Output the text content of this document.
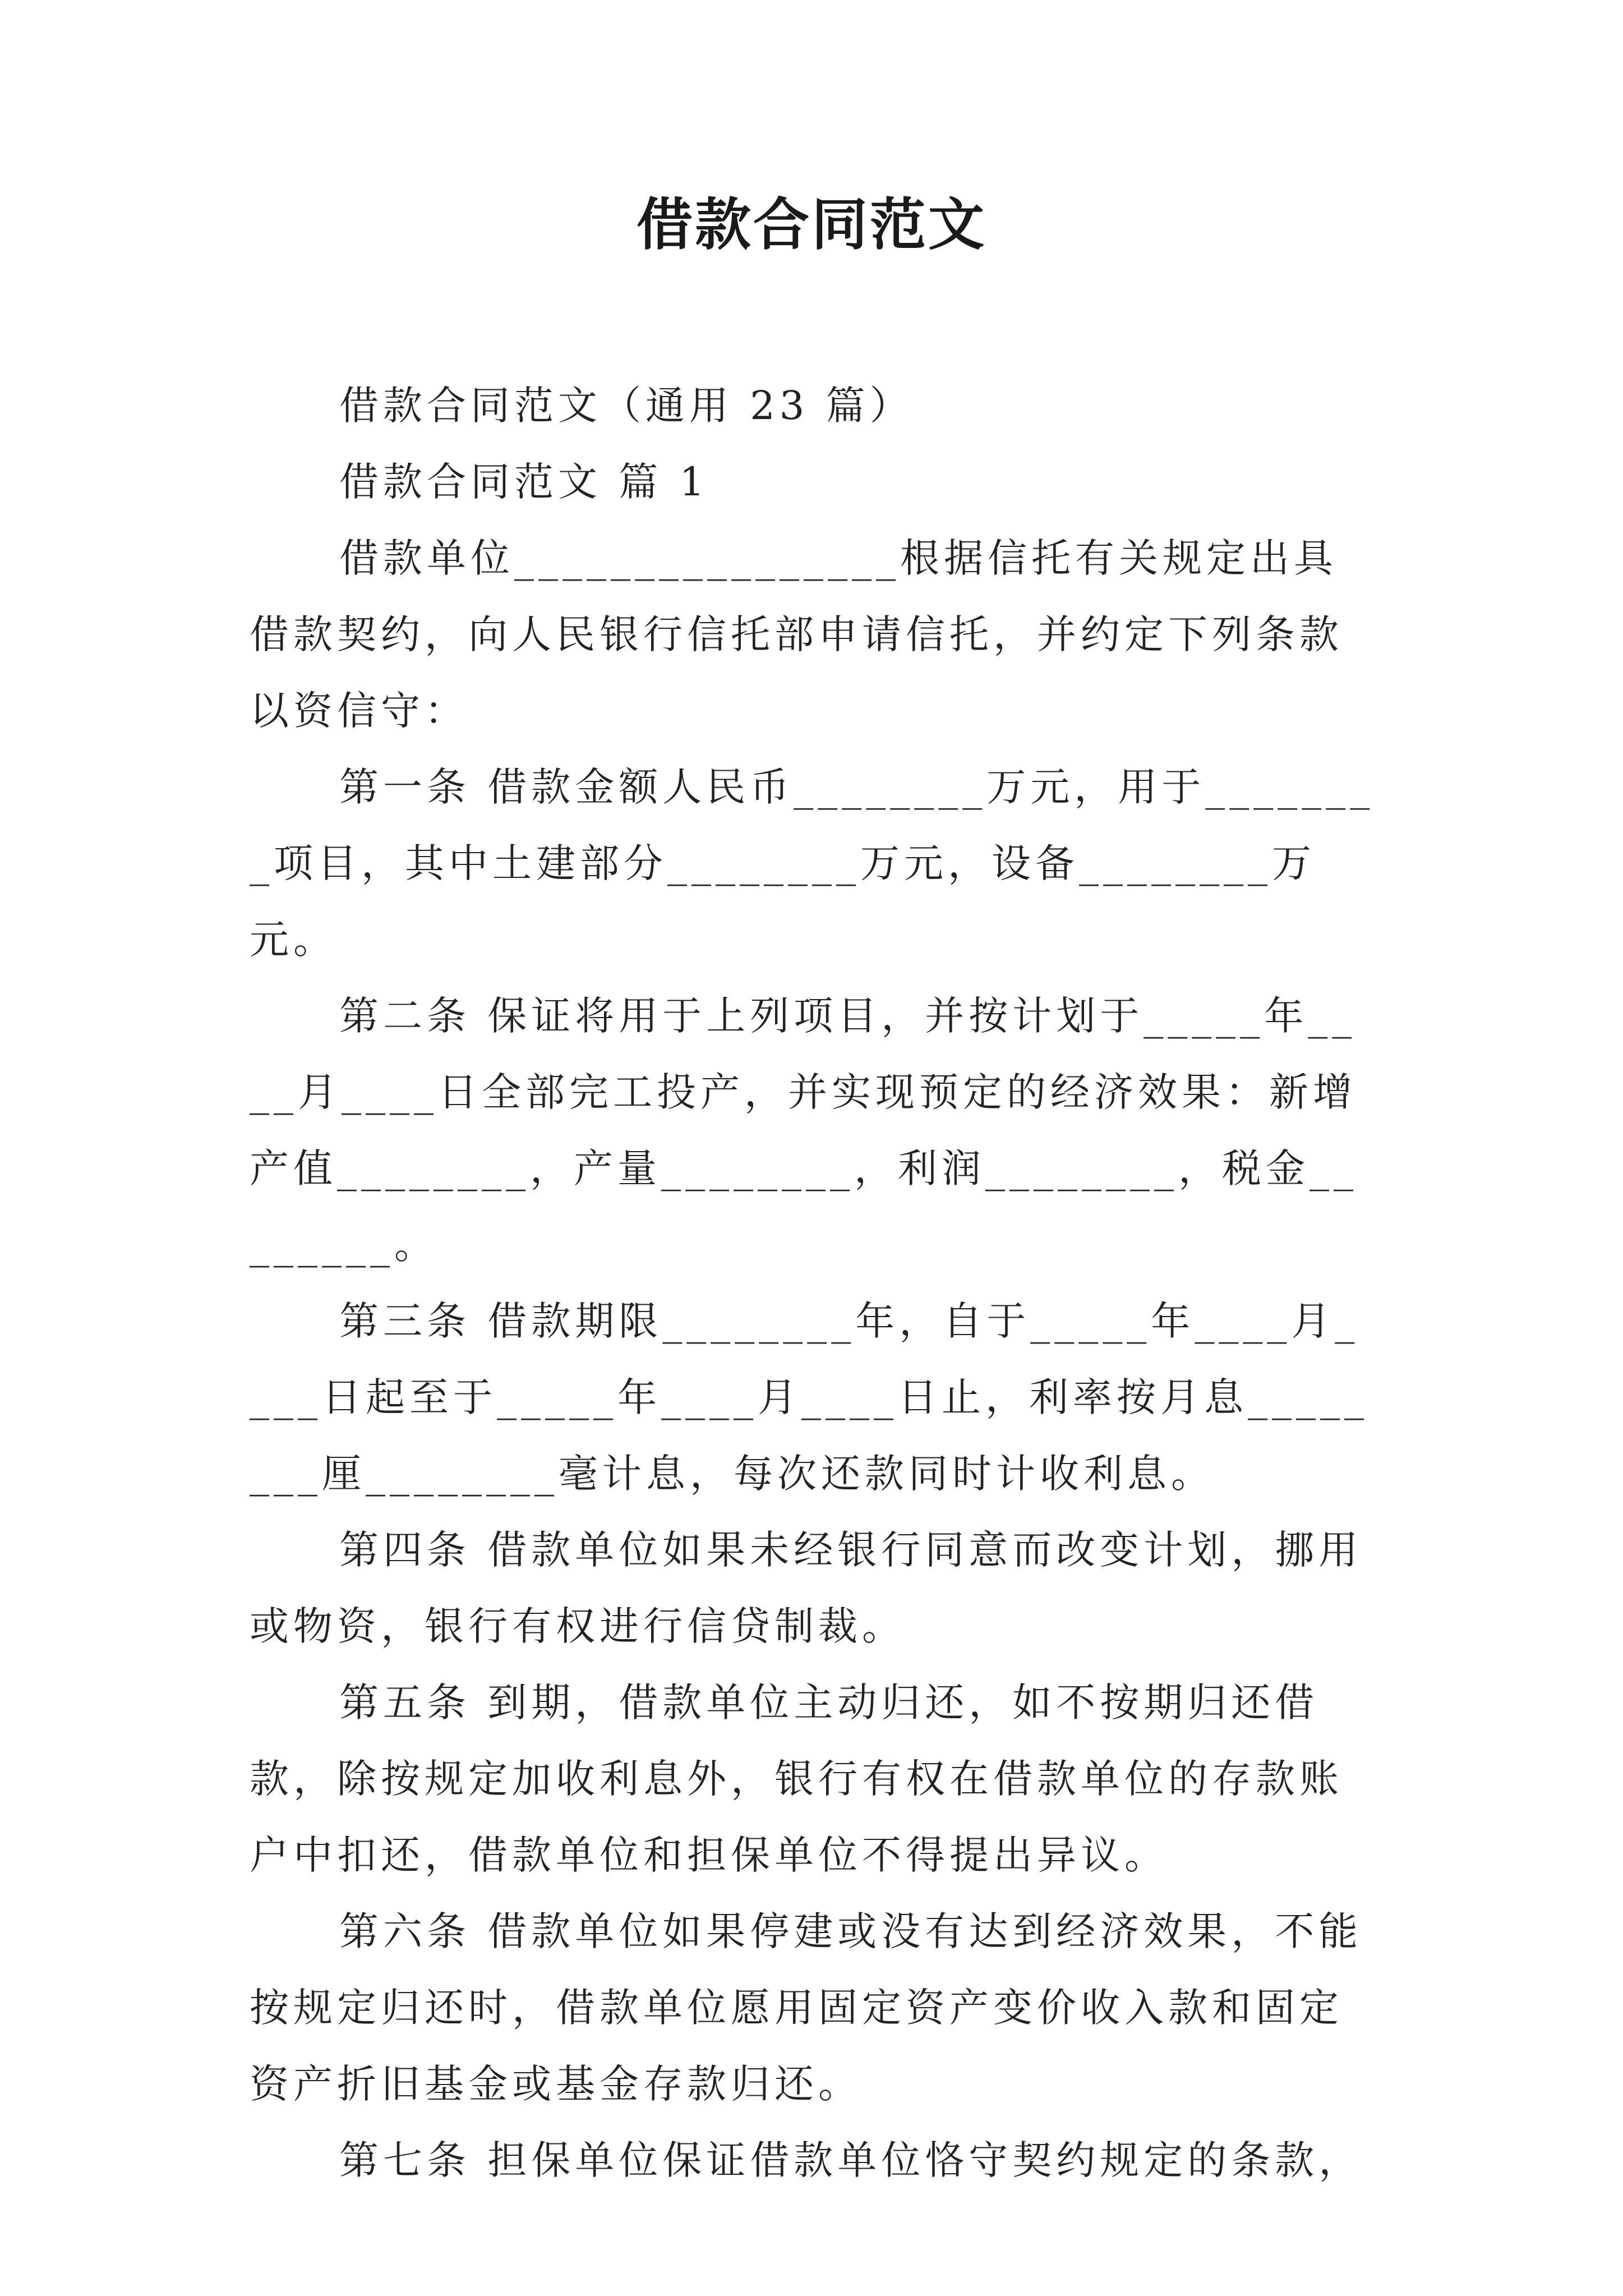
借款合同范文

借款合同范文（通用 23 篇）

借款合同范文 篇 1

借款单位________________根据信托有关规定出具借款契约，向人民银行信托部申请信托，并约定下列条款以资信守：

第一条 借款金额人民币________万元，用于________项目，其中土建部分________万元，设备________万元。

第二条 保证将用于上列项目，并按计划于_____年____月____日全部完工投产，并实现预定的经济效果：新增产值________，产量________，利润________，税金________。

第三条 借款期限________年，自于_____年____月____日起至于_____年____月____日止，利率按月息________厘________毫计息，每次还款同时计收利息。

第四条 借款单位如果未经银行同意而改变计划，挪用或物资，银行有权进行信贷制裁。

第五条 到期，借款单位主动归还，如不按期归还借款，除按规定加收利息外，银行有权在借款单位的存款账户中扣还，借款单位和担保单位不得提出异议。

第六条 借款单位如果停建或没有达到经济效果，不能按规定归还时，借款单位愿用固定资产变价收入款和固定资产折旧基金或基金存款归还。

第七条 担保单位保证借款单位恪守契约规定的条款，
